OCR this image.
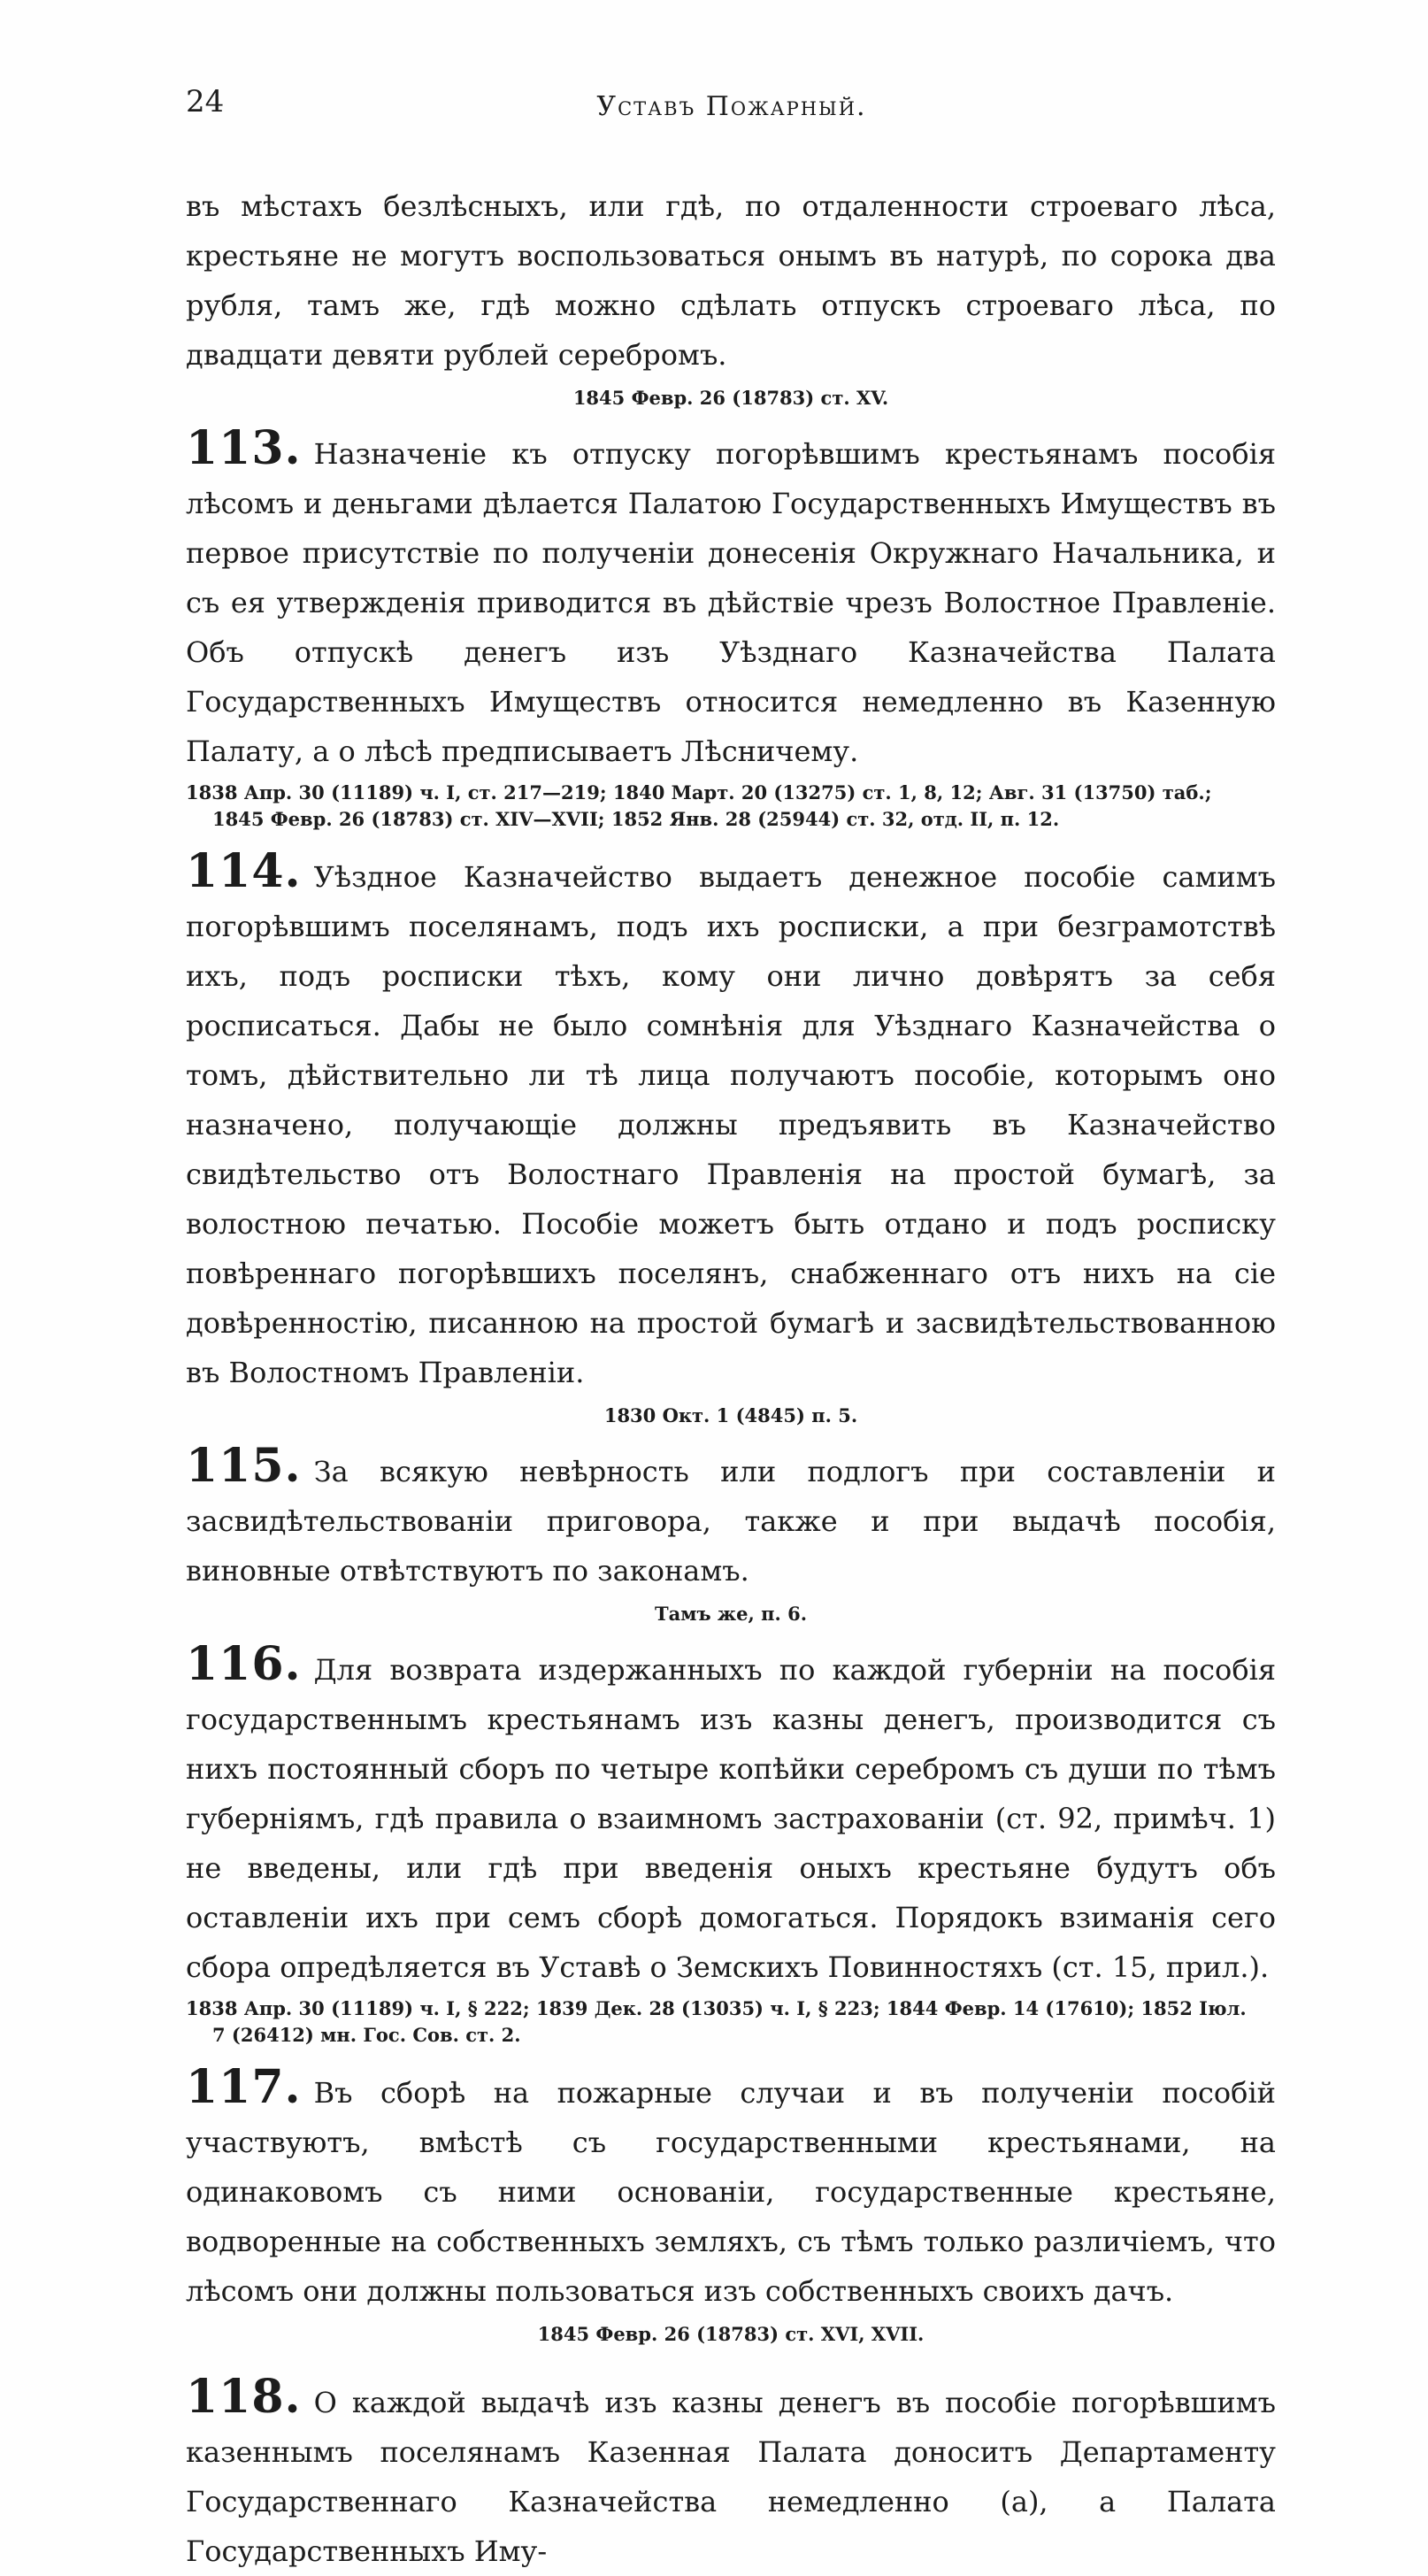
24	Уставъ Пожарный.

въ мѣстахъ безлѣсныхъ, или гдѣ, по отдаленности строеваго лѣса, крестьяне не могутъ воспользоваться онымъ въ натурѣ, по сорока два рубля, тамъ же, гдѣ можно сдѣлать отпускъ строеваго лѣса, по двадцати девяти рублей серебромъ.

1845 Февр. 26 (18783) ст. XV.

113. Назначеніе къ отпуску погорѣвшимъ крестьянамъ пособія лѣсомъ и деньгами дѣлается Палатою Государственныхъ Имуществъ въ первое присутствіе по полученіи донесенія Окружнаго Начальника, и съ ея утвержденія приводится въ дѣйствіе чрезъ Волостное Правленіе. Объ отпускѣ денегъ изъ Уѣзднаго Казначейства Палата Государственныхъ Имуществъ относится немедленно въ Казенную Палату, а о лѣсѣ предписываетъ Лѣсничему.

1838 Апр. 30 (11189) ч. I, ст. 217—219; 1840 Март. 20 (13275) ст. 1, 8, 12; Авг. 31 (13750) таб.;
1845 Февр. 26 (18783) ст. XIV—XVII; 1852 Янв. 28 (25944) ст. 32, отд. II, п. 12.

114. Уѣздное Казначейство выдаетъ денежное пособіе самимъ погорѣвшимъ поселянамъ, подъ ихъ росписки, а при безграмотствѣ ихъ, подъ росписки тѣхъ, кому они лично довѣрятъ за себя росписаться. Дабы не было сомнѣнія для Уѣзднаго Казначейства о томъ, дѣйствительно ли тѣ лица получаютъ пособіе, которымъ оно назначено, получающіе должны предъявить въ Казначейство свидѣтельство отъ Волостнаго Правленія на простой бумагѣ, за волостною печатью. Пособіе можетъ быть отдано и подъ росписку повѣреннаго погорѣвшихъ поселянъ, снабженнаго отъ нихъ на сіе довѣренностію, писанною на простой бумагѣ и засвидѣтельствованною въ Волостномъ Правленіи.

1830 Окт. 1 (4845) п. 5.

115. За всякую невѣрность или подлогъ при составленіи и засвидѣтельствованіи приговора, также и при выдачѣ пособія, виновные отвѣтствуютъ по законамъ.

Тамъ же, п. 6.

116. Для возврата издержанныхъ по каждой губерніи на пособія государственнымъ крестьянамъ изъ казны денегъ, производится съ нихъ постоянный сборъ по четыре копѣйки серебромъ съ души по тѣмъ губерніямъ, гдѣ правила о взаимномъ застрахованіи (ст. 92, примѣч. 1) не введены, или гдѣ при введенія оныхъ крестьяне будутъ объ оставленіи ихъ при семъ сборѣ домогаться. Порядокъ взиманія сего сбора опредѣляется въ Уставѣ о Земскихъ Повинностяхъ (ст. 15, прил.).

1838 Апр. 30 (11189) ч. I, § 222; 1839 Дек. 28 (13035) ч. I, § 223; 1844 Февр. 14 (17610); 1852 Іюл.
7 (26412) мн. Гос. Сов. ст. 2.

117. Въ сборѣ на пожарные случаи и въ полученіи пособій участвуютъ, вмѣстѣ съ государственными крестьянами, на одинаковомъ съ ними основаніи, государственные крестьяне, водворенные на собственныхъ земляхъ, съ тѣмъ только различіемъ, что лѣсомъ они должны пользоваться изъ собственныхъ своихъ дачъ.

1845 Февр. 26 (18783) ст. XVI, XVII.

118. О каждой выдачѣ изъ казны денегъ въ пособіе погорѣвшимъ казеннымъ поселянамъ Казенная Палата доноситъ Департаменту Государственнаго Казначейства немедленно (а), а Палата Государственныхъ Иму-
